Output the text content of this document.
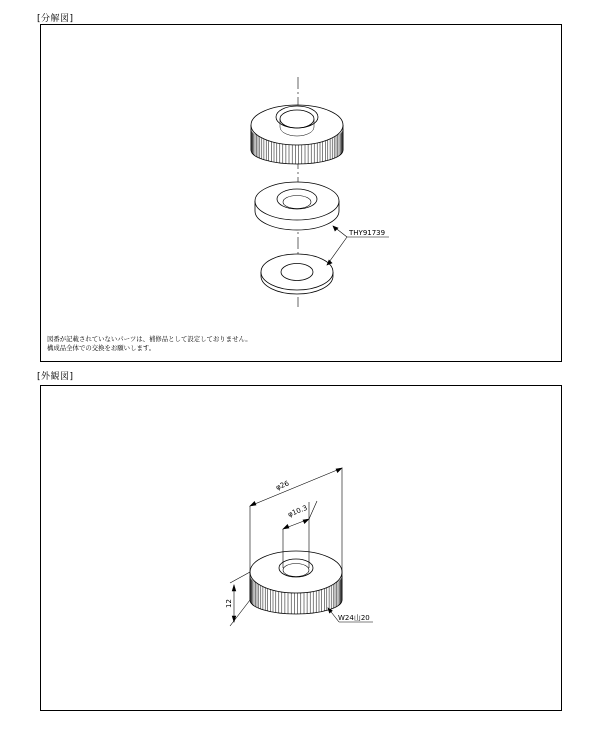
[分解図]
THY91739
図番が記載されていないパーツは、補修品として設定しておりません。
構成品全体での交換をお願いします。
[外観図]
φ26
φ10.3
12
W24山20
